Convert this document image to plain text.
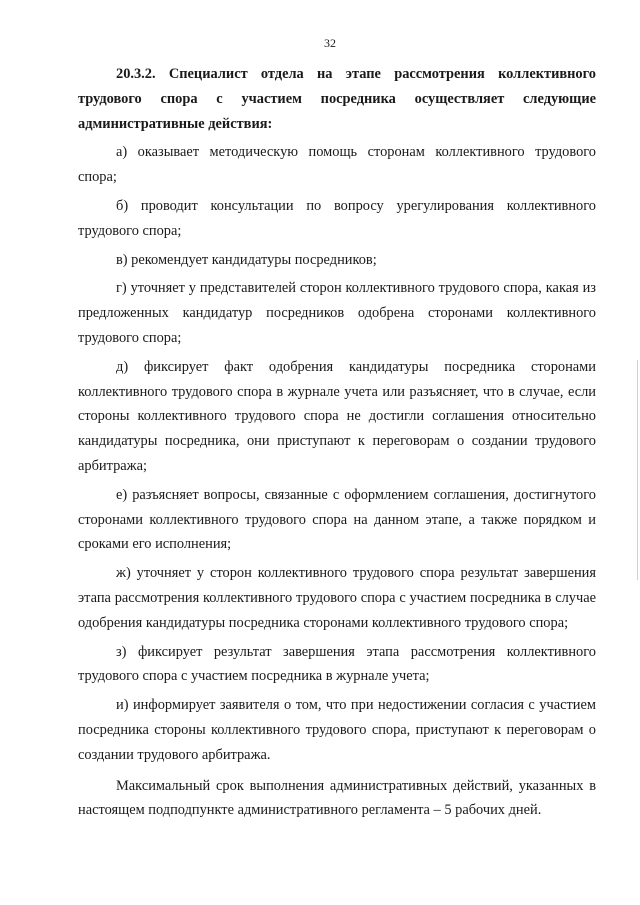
32

20.3.2. Специалист отдела на этапе рассмотрения коллективного трудового спора с участием посредника осуществляет следующие административные действия:

а) оказывает методическую помощь сторонам коллективного трудового спора;

б) проводит консультации по вопросу урегулирования коллективного трудового спора;

в) рекомендует кандидатуры посредников;

г) уточняет у представителей сторон коллективного трудового спора, какая из предложенных кандидатур посредников одобрена сторонами коллективного трудового спора;

д) фиксирует факт одобрения кандидатуры посредника сторонами коллективного трудового спора в журнале учета или разъясняет, что в случае, если стороны коллективного трудового спора не достигли соглашения относительно кандидатуры посредника, они приступают к переговорам о создании трудового арбитража;

е) разъясняет вопросы, связанные с оформлением соглашения, достигнутого сторонами коллективного трудового спора на данном этапе, а также порядком и сроками его исполнения;

ж) уточняет у сторон коллективного трудового спора результат завершения этапа рассмотрения коллективного трудового спора с участием посредника в случае одобрения кандидатуры посредника сторонами коллективного трудового спора;

з) фиксирует результат завершения этапа рассмотрения коллективного трудового спора с участием посредника в журнале учета;

и) информирует заявителя о том, что при недостижении согласия с участием посредника стороны коллективного трудового спора, приступают к переговорам о создании трудового арбитража.

Максимальный срок выполнения административных действий, указанных в настоящем подподпункте административного регламента – 5 рабочих дней.
